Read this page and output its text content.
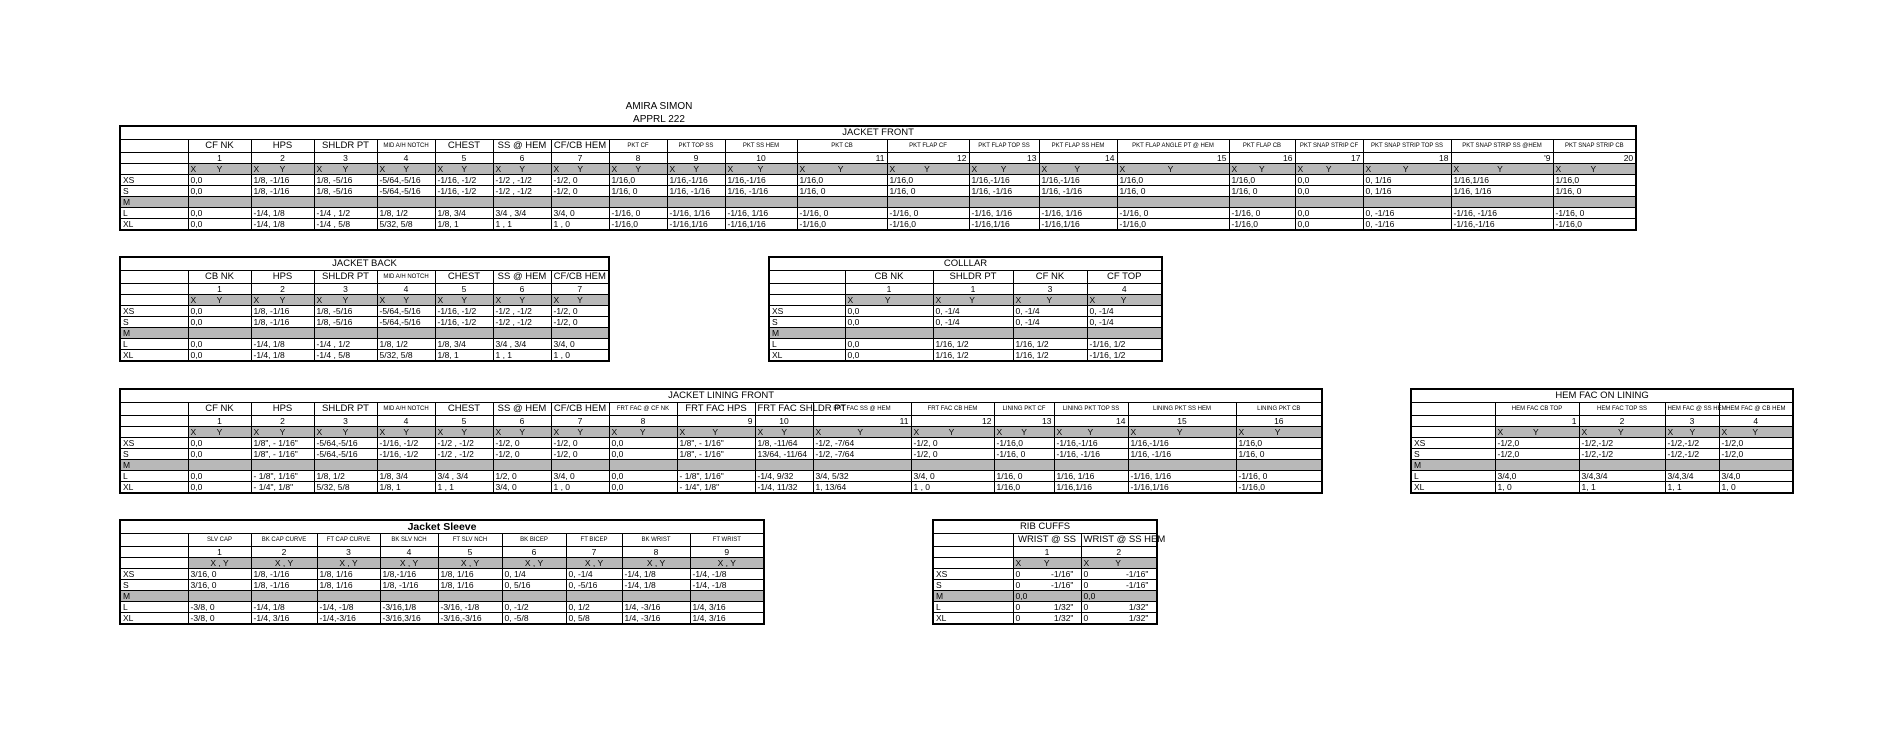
AMIRA SIMON
APPRL 222
JACKET FRONT																				
	CF NK	HPS	SHLDR PT	MID A/H NOTCH	CHEST	SS @ HEM	CF/CB HEM	PKT CF	PKT TOP SS	PKT SS HEM	PKT CB	PKT FLAP CF	PKT FLAP TOP SS	PKT FLAP SS HEM	PKT FLAP ANGLE PT @ HEM	PKT FLAP CB	PKT SNAP STRIP CF	PKT SNAP STRIP TOP SS	PKT SNAP STRIP SS @HEM	PKT SNAP STRIP CB
	1	2	3	4	5	6	7	8	9	10	11	12	13	14	15	16	17	18	'9	20
	X Y	X Y	X Y	X Y	X Y	X Y	X Y	X Y	X Y	X Y	X Y	X Y	X Y	X Y	X Y	X Y	X Y	X Y	X Y	X Y
XS	0,0	1/8, -1/16	1/8, -5/16	-5/64,-5/16	-1/16, -1/2	-1/2 , -1/2	-1/2, 0	1/16,0	1/16,-1/16	1/16,-1/16	1/16,0	1/16,0	1/16,-1/16	1/16,-1/16	1/16,0	1/16,0	0,0	0, 1/16	1/16,1/16	1/16,0
S	0,0	1/8, -1/16	1/8, -5/16	-5/64,-5/16	-1/16, -1/2	-1/2 , -1/2	-1/2, 0	1/16, 0	1/16, -1/16	1/16, -1/16	1/16, 0	1/16, 0	1/16, -1/16	1/16, -1/16	1/16, 0	1/16, 0	0,0	0, 1/16	1/16, 1/16	1/16, 0
M																				
L	0,0	-1/4, 1/8	-1/4 , 1/2	1/8, 1/2	1/8, 3/4	3/4 , 3/4	3/4, 0	-1/16, 0	-1/16, 1/16	-1/16, 1/16	-1/16, 0	-1/16, 0	-1/16, 1/16	-1/16, 1/16	-1/16, 0	-1/16, 0	0,0	0, -1/16	-1/16, -1/16	-1/16, 0
XL	0,0	-1/4, 1/8	-1/4 , 5/8	5/32, 5/8	1/8, 1	1 , 1	1 , 0	-1/16,0	-1/16,1/16	-1/16,1/16	-1/16,0	-1/16,0	-1/16,1/16	-1/16,1/16	-1/16,0	-1/16,0	0,0	0, -1/16	-1/16,-1/16	-1/16,0
JACKET BACK							
	CB NK	HPS	SHLDR PT	MID A/H NOTCH	CHEST	SS @ HEM	CF/CB HEM
	1	2	3	4	5	6	7
	X Y	X Y	X Y	X Y	X Y	X Y	X Y
XS	0,0	1/8, -1/16	1/8, -5/16	-5/64,-5/16	-1/16, -1/2	-1/2 , -1/2	-1/2, 0
S	0,0	1/8, -1/16	1/8, -5/16	-5/64,-5/16	-1/16, -1/2	-1/2 , -1/2	-1/2, 0
M							
L	0,0	-1/4, 1/8	-1/4 , 1/2	1/8, 1/2	1/8, 3/4	3/4 , 3/4	3/4, 0
XL	0,0	-1/4, 1/8	-1/4 , 5/8	5/32, 5/8	1/8, 1	1 , 1	1 , 0
COLLLAR				
	CB NK	SHLDR PT	CF NK	CF TOP
	1	1	3	4
	X Y	X Y	X Y	X Y
XS	0,0	0, -1/4	0, -1/4	0, -1/4
S	0,0	0, -1/4	0, -1/4	0, -1/4
M				
L	0,0	1/16, 1/2	1/16, 1/2	-1/16, 1/2
XL	0,0	1/16, 1/2	1/16, 1/2	-1/16, 1/2
JACKET LINING FRONT																
	CF NK	HPS	SHLDR PT	MID A/H NOTCH	CHEST	SS @ HEM	CF/CB HEM	FRT FAC @ CF NK	FRT FAC HPS	FRT FAC SHLDR PT	FRT FAC SS @ HEM	FRT FAC CB HEM	LINING PKT CF	LINING PKT TOP SS	LINING PKT SS HEM	LINING PKT CB
	1	2	3	4	5	6	7	8	9	10	11	12	13	14	15	16
	X Y	X Y	X Y	X Y	X Y	X Y	X Y	X Y	X Y	X Y	X Y	X Y	X Y	X Y	X Y	X Y
XS	0,0	1/8", - 1/16"	-5/64,-5/16	-1/16, -1/2	-1/2 , -1/2	-1/2, 0	-1/2, 0	0,0	1/8", - 1/16"	1/8, -11/64	-1/2, -7/64	-1/2, 0	-1/16,0	-1/16,-1/16	1/16,-1/16	1/16,0
S	0,0	1/8", - 1/16"	-5/64,-5/16	-1/16, -1/2	-1/2 , -1/2	-1/2, 0	-1/2, 0	0,0	1/8", - 1/16"	13/64, -11/64	-1/2, -7/64	-1/2, 0	-1/16, 0	-1/16, -1/16	1/16, -1/16	1/16, 0
M																
L	0,0	- 1/8", 1/16"	1/8, 1/2	1/8, 3/4	3/4 , 3/4	1/2, 0	3/4, 0	0,0	- 1/8", 1/16"	-1/4, 9/32	3/4, 5/32	3/4, 0	1/16, 0	1/16, 1/16	-1/16, 1/16	-1/16, 0
XL	0,0	- 1/4", 1/8"	5/32, 5/8	1/8, 1	1 , 1	3/4, 0	1 , 0	0,0	- 1/4", 1/8"	-1/4, 11/32	1, 13/64	1 , 0	1/16,0	1/16,1/16	-1/16,1/16	-1/16,0
HEM FAC ON LINING				
	HEM FAC CB TOP	HEM FAC TOP SS	HEM FAC @ SS HEM	HEM FAC @ CB HEM
	1	2	3	4
	X Y	X Y	X Y	X Y
XS	-1/2,0	-1/2,-1/2	-1/2,-1/2	-1/2,0
S	-1/2,0	-1/2,-1/2	-1/2,-1/2	-1/2,0
M				
L	3/4,0	3/4,3/4	3/4,3/4	3/4,0
XL	1, 0	1, 1	1, 1	1, 0
Jacket Sleeve									
	SLV CAP	BK CAP CURVE	FT CAP CURVE	BK SLV NCH	FT SLV NCH	BK BICEP	FT BICEP	BK WRIST	FT WRIST
	1	2	3	4	5	6	7	8	9
	X , Y	X , Y	X , Y	X , Y	X , Y	X , Y	X , Y	X , Y	X , Y
XS	3/16, 0	1/8, -1/16	1/8, 1/16	1/8,-1/16	1/8, 1/16	0, 1/4	0, -1/4	-1/4, 1/8	-1/4, -1/8
S	3/16, 0	1/8, -1/16	1/8, 1/16	1/8, -1/16	1/8, 1/16	0, 5/16	0, -5/16	-1/4, 1/8	-1/4, -1/8
M									
L	-3/8, 0	-1/4, 1/8	-1/4, -1/8	-3/16,1/8	-3/16, -1/8	0, -1/2	0, 1/2	1/4, -3/16	1/4, 3/16
XL	-3/8, 0	-1/4, 3/16	-1/4,-3/16	-3/16,3/16	-3/16,-3/16	0, -5/8	0, 5/8	1/4, -3/16	1/4, 3/16
RIB CUFFS		
	WRIST @ SS	WRIST @ SS HEM
	1	2
	X Y	X Y
XS	0 -1/16"	0 -1/16"
S	0 -1/16"	0 -1/16"
M	0,0	0,0
L	0 1/32"	0 1/32"
XL	0 1/32"	0 1/32"
